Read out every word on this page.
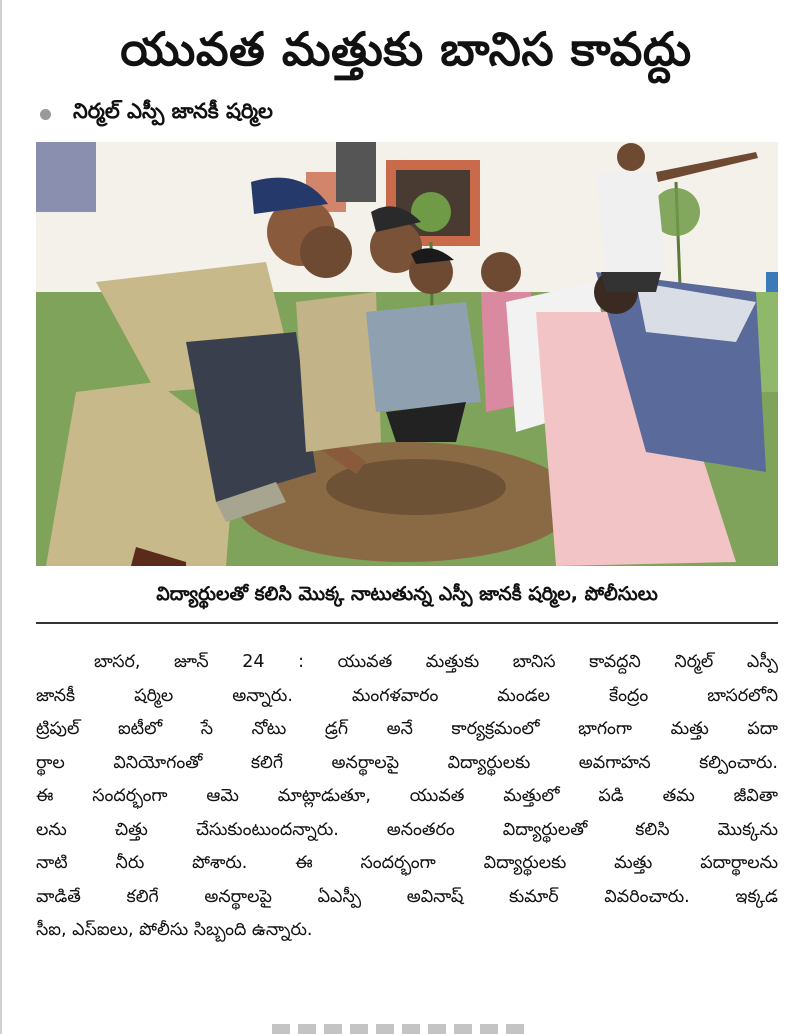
యువత మత్తుకు బానిస కావద్దు
నిర్మల్ ఎస్పీ జానకీ షర్మిల
విద్యార్థులతో కలిసి మొక్క నాటుతున్న ఎస్పీ జానకీ షర్మిల, పోలీసులు
బాసర, జూన్ 24 : యువత మత్తుకు బానిస కావద్దని నిర్మల్ ఎస్పీ
జానకీ షర్మిల అన్నారు. మంగళవారం మండల కేంద్రం బాసరలోని
ట్రిపుల్ ఐటీలో సే నోటు డ్రగ్ అనే కార్యక్రమంలో భాగంగా మత్తు పదా
ర్థాల వినియోగంతో కలిగే అనర్థాలపై విద్యార్థులకు అవగాహన కల్పించారు.
ఈ సందర్భంగా ఆమె మాట్లాడుతూ, యువత మత్తులో పడి తమ జీవితా
లను చిత్తు చేసుకుంటుందన్నారు. అనంతరం విద్యార్థులతో కలిసి మొక్కను
నాటి నీరు పోశారు. ఈ సందర్భంగా విద్యార్థులకు మత్తు పదార్థాలను
వాడితే కలిగే అనర్థాలపై ఏఎస్పీ అవినాష్ కుమార్ వివరించారు. ఇక్కడ
సీఐ, ఎస్ఐలు, పోలీసు సిబ్బంది ఉన్నారు.
